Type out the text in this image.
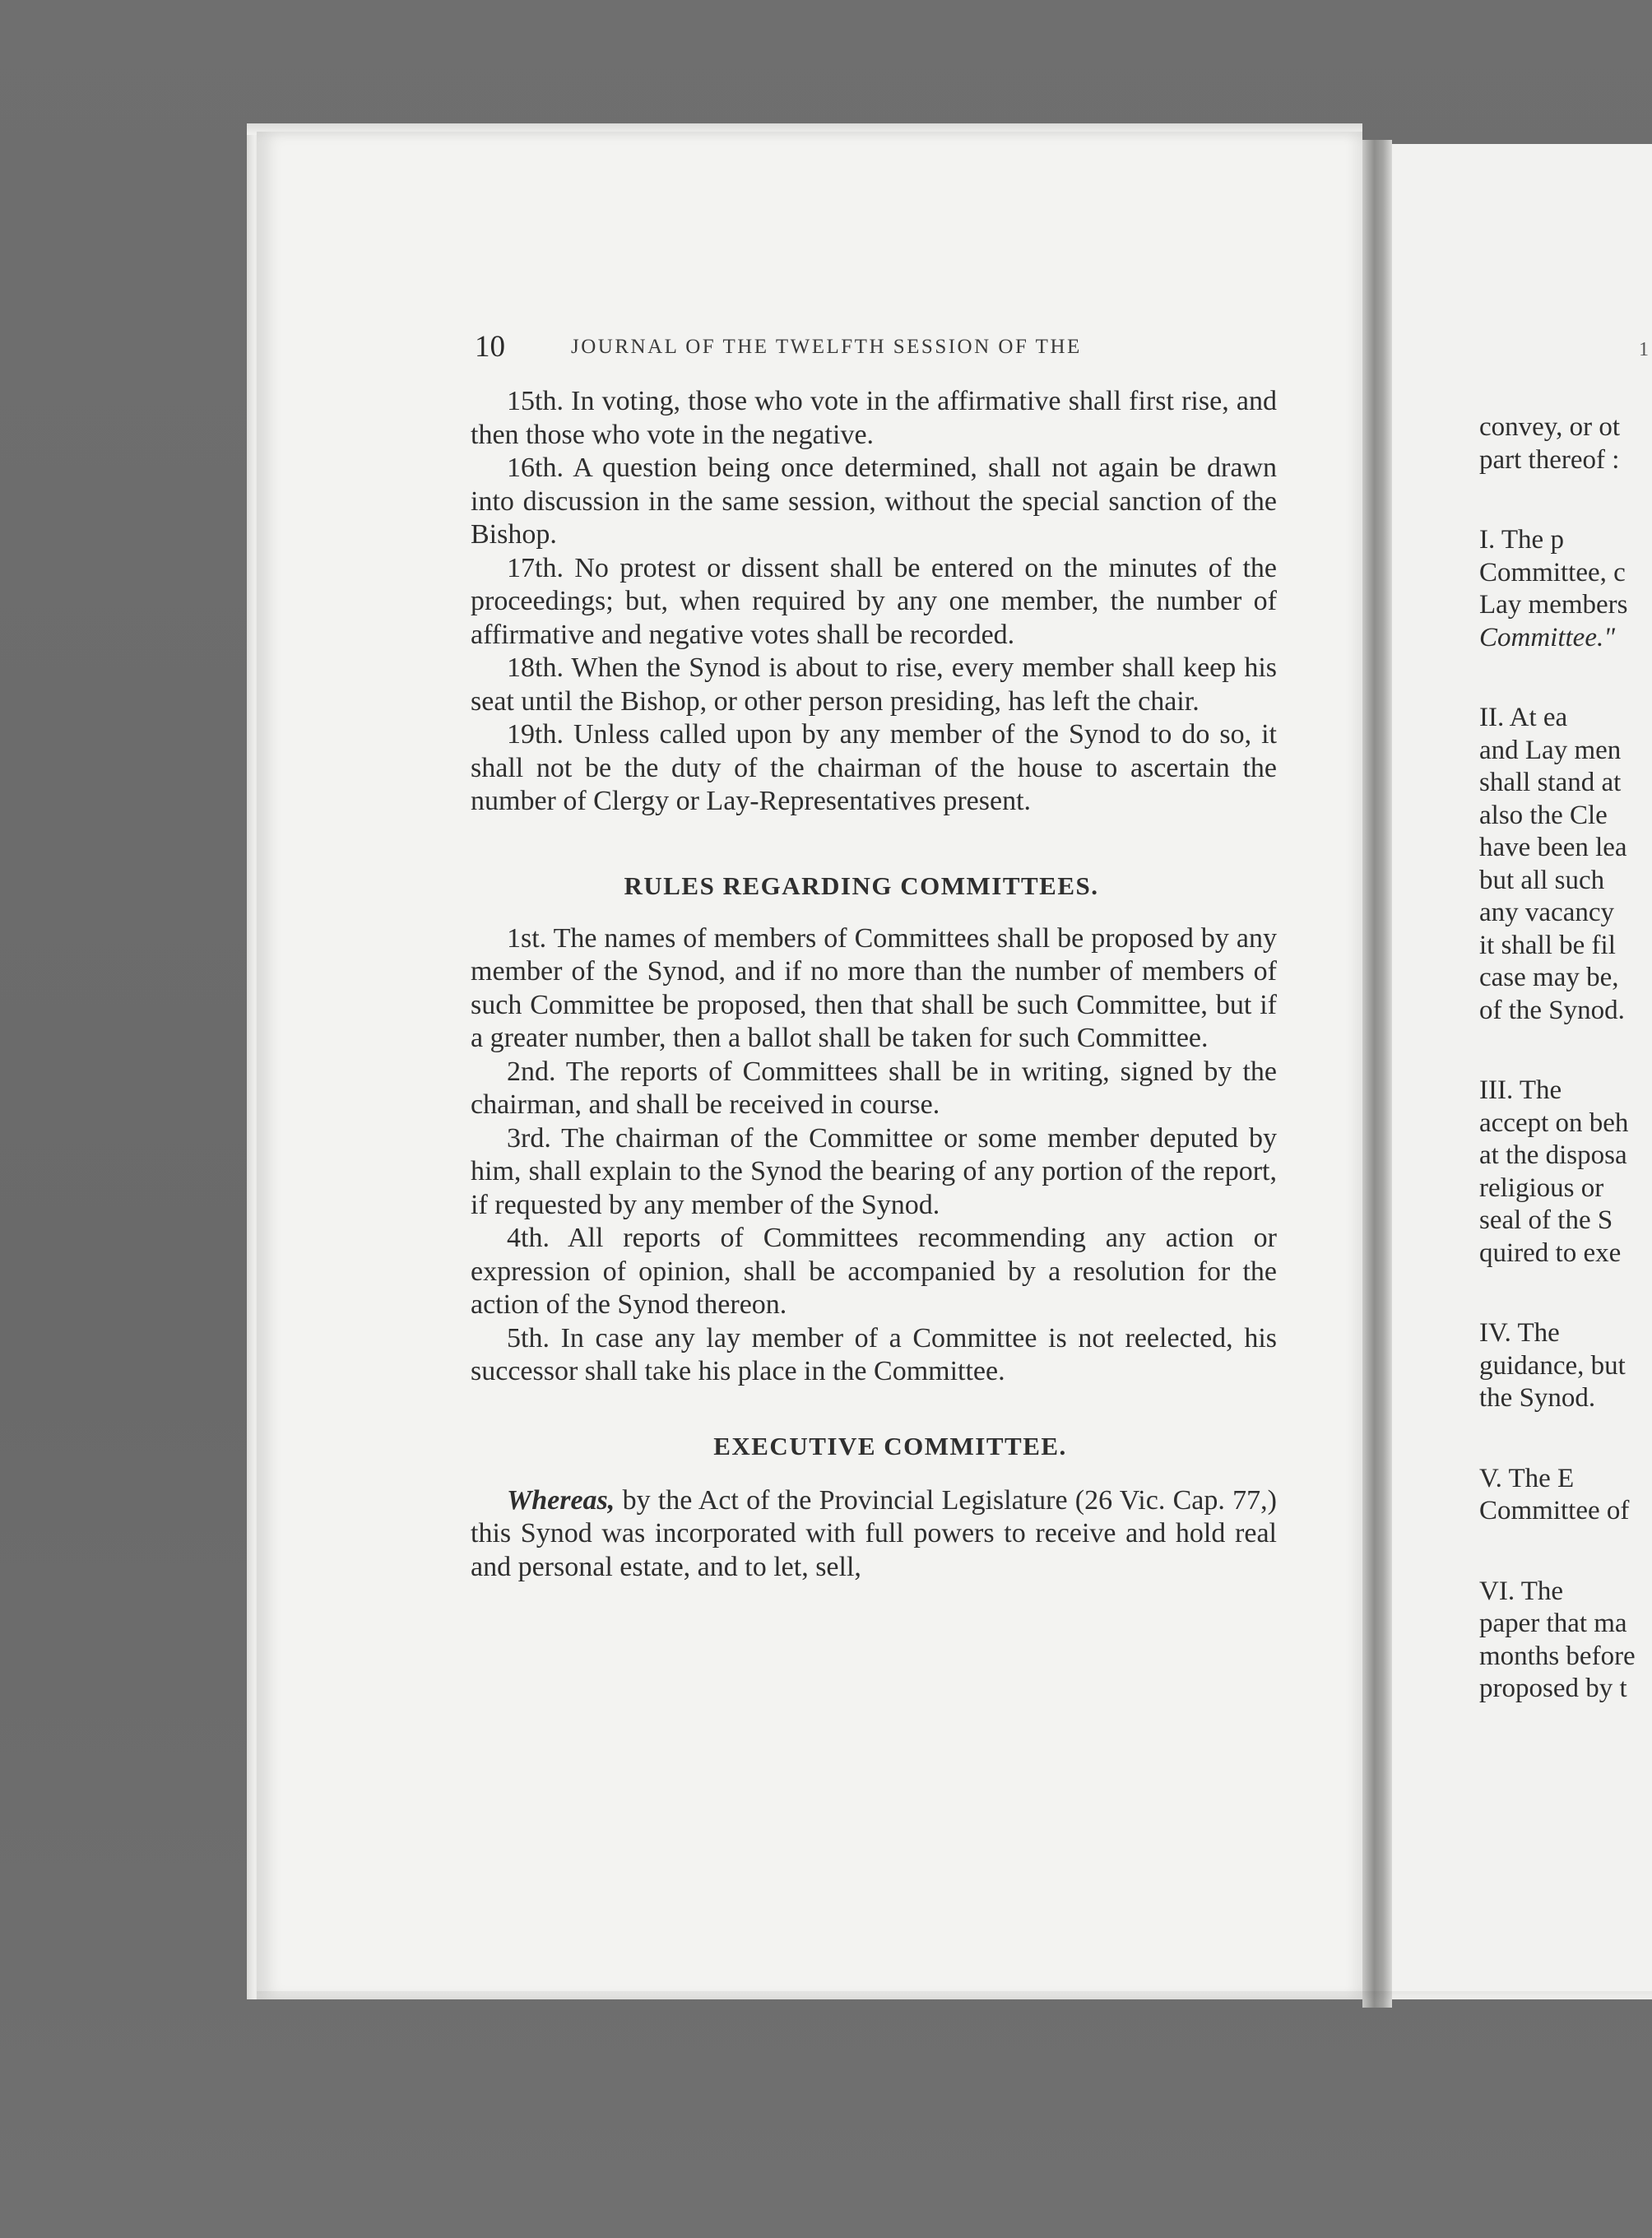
10	JOURNAL OF THE TWELFTH SESSION OF THE

15th. In voting, those who vote in the affirmative shall first rise, and then those who vote in the negative.

16th. A question being once determined, shall not again be drawn into discussion in the same session, without the special sanction of the Bishop.

17th. No protest or dissent shall be entered on the minutes of the proceedings; but, when required by any one member, the number of affirmative and negative votes shall be recorded.

18th. When the Synod is about to rise, every member shall keep his seat until the Bishop, or other person presiding, has left the chair.

19th. Unless called upon by any member of the Synod to do so, it shall not be the duty of the chairman of the house to ascertain the number of Clergy or Lay-Representatives present.

RULES REGARDING COMMITTEES.

1st. The names of members of Committees shall be proposed by any member of the Synod, and if no more than the number of members of such Committee be proposed, then that shall be such Committee, but if a greater number, then a ballot shall be taken for such Committee.

2nd. The reports of Committees shall be in writing, signed by the chairman, and shall be received in course.

3rd. The chairman of the Committee or some member deputed by him, shall explain to the Synod the bearing of any portion of the report, if requested by any member of the Synod.

4th. All reports of Committees recommending any action or expression of opinion, shall be accompanied by a resolution for the action of the Synod thereon.

5th. In case any lay member of a Committee is not reelected, his successor shall take his place in the Committee.

EXECUTIVE COMMITTEE.

Whereas, by the Act of the Provincial Legislature (26 Vic. Cap. 77,) this Synod was incorporated with full powers to receive and hold real and personal estate, and to let, sell,

1

convey, or ot

part thereof :

I. The p

Committee, c

Lay members

Committee."

II. At ea

and Lay men

shall stand at

also the Cle

have been lea

but all such

any vacancy

it shall be fil

case may be,

of the Synod.

III. The

accept on beh

at the disposa

religious or

seal of the S

quired to exe

IV. The

guidance, but

the Synod.

V. The E

Committee of

VI. The

paper that ma

months before

proposed by t
